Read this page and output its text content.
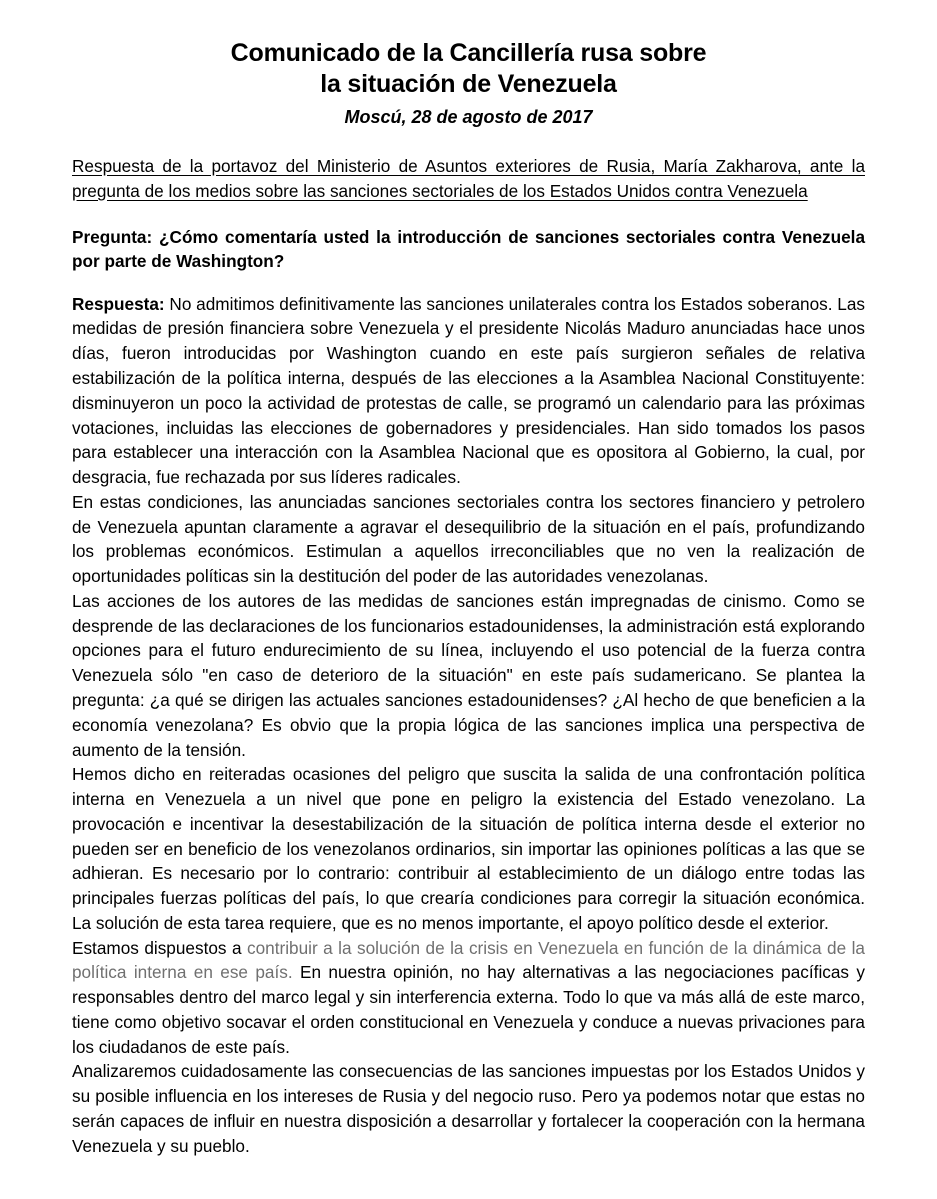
Comunicado de la Cancillería rusa sobre
la situación de Venezuela
Moscú, 28 de agosto de 2017
Respuesta de la portavoz del Ministerio de Asuntos exteriores de Rusia, María Zakharova, ante la pregunta de los medios sobre las sanciones sectoriales de los Estados Unidos contra Venezuela
Pregunta: ¿Cómo comentaría usted la introducción de sanciones sectoriales contra Venezuela por parte de Washington?

Respuesta: No admitimos definitivamente las sanciones unilaterales contra los Estados soberanos. Las medidas de presión financiera sobre Venezuela y el presidente Nicolás Maduro anunciadas hace unos días, fueron introducidas por Washington cuando en este país surgieron señales de relativa estabilización de la política interna, después de las elecciones a la Asamblea Nacional Constituyente: disminuyeron un poco la actividad de protestas de calle, se programó un calendario para las próximas votaciones, incluidas las elecciones de gobernadores y presidenciales. Han sido tomados los pasos para establecer una interacción con la Asamblea Nacional que es opositora al Gobierno, la cual, por desgracia, fue rechazada por sus líderes radicales.

En estas condiciones, las anunciadas sanciones sectoriales contra los sectores financiero y petrolero de Venezuela apuntan claramente a agravar el desequilibrio de la situación en el país, profundizando los problemas económicos. Estimulan a aquellos irreconciliables que no ven la realización de oportunidades políticas sin la destitución del poder de las autoridades venezolanas.

Las acciones de los autores de las medidas de sanciones están impregnadas de cinismo. Como se desprende de las declaraciones de los funcionarios estadounidenses, la administración está explorando opciones para el futuro endurecimiento de su línea, incluyendo el uso potencial de la fuerza contra Venezuela sólo "en caso de deterioro de la situación" en este país sudamericano. Se plantea la pregunta: ¿a qué se dirigen las actuales sanciones estadounidenses? ¿Al hecho de que beneficien a la economía venezolana? Es obvio que la propia lógica de las sanciones implica una perspectiva de aumento de la tensión.

Hemos dicho en reiteradas ocasiones del peligro que suscita la salida de una confrontación política interna en Venezuela a un nivel que pone en peligro la existencia del Estado venezolano. La provocación e incentivar la desestabilización de la situación de política interna desde el exterior no pueden ser en beneficio de los venezolanos ordinarios, sin importar las opiniones políticas a las que se adhieran. Es necesario por lo contrario: contribuir al establecimiento de un diálogo entre todas las principales fuerzas políticas del país, lo que crearía condiciones para corregir la situación económica. La solución de esta tarea requiere, que es no menos importante, el apoyo político desde el exterior.

Estamos dispuestos a contribuir a la solución de la crisis en Venezuela en función de la dinámica de la política interna en ese país. En nuestra opinión, no hay alternativas a las negociaciones pacíficas y responsables dentro del marco legal y sin interferencia externa. Todo lo que va más allá de este marco, tiene como objetivo socavar el orden constitucional en Venezuela y conduce a nuevas privaciones para los ciudadanos de este país.

Analizaremos cuidadosamente las consecuencias de las sanciones impuestas por los Estados Unidos y su posible influencia en los intereses de Rusia y del negocio ruso. Pero ya podemos notar que estas no serán capaces de influir en nuestra disposición a desarrollar y fortalecer la cooperación con la hermana Venezuela y su pueblo.
